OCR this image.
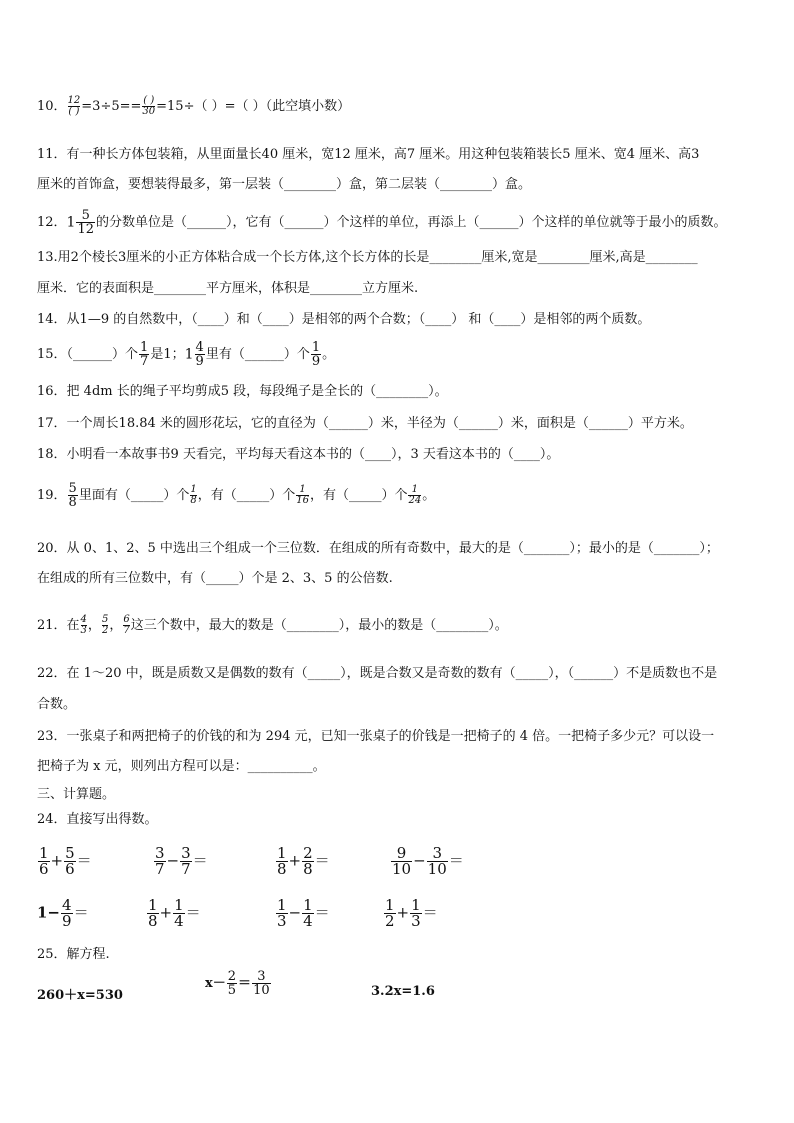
10． $\frac{12}{( )} =3\div 5== \frac{( )}{30} =15\div$（ ）=（ ）（此空填小数）
11．有一种长方体包装箱，从里面量长40 厘米，宽12 厘米，高7 厘米。用这种包装箱装长5 厘米、宽4 厘米、高3
厘米的首饰盒，要想装得最多，第一层装（________）盒，第二层装（________）盒。
12．$1 \frac{5}{12}$ 的分数单位是（______），它有（______）个这样的单位，再添上（______）个这样的单位就等于最小的质数。
13.用2个棱长3厘米的小正方体粘合成一个长方体,这个长方体的长是________厘米,宽是________厘米,高是________
厘米．它的表面积是________平方厘米，体积是________立方厘米.
14．从1—9 的自然数中，（____）和（____）是相邻的两个合数；（____） 和（____）是相邻的两个质数。
15．（______）个 $\frac{1}{7}$ 是1；$1 \frac{4}{9}$ 里有（______）个 $\frac{1}{9}$ 。
16．把 4dm 长的绳子平均剪成5 段，每段绳子是全长的（________）。
17．一个周长18.84 米的圆形花坛，它的直径为（______）米，半径为（______）米，面积是（______）平方米。
18．小明看一本故事书9 天看完，平均每天看这本书的（____），3 天看这本书的（____）。
19． $\frac{5}{8}$ 里面有（_____）个 $\frac{1}{8}$ ，有（_____）个 $\frac{1}{16}$ ，有（_____）个 $\frac{1}{24}$ 。
20．从 0、1、2、5 中选出三个组成一个三位数．在组成的所有奇数中，最大的是（_______）；最小的是（_______）；
在组成的所有三位数中，有（_____）个是 2、3、5 的公倍数.
21．在 $\frac{4}{3}$ ， $\frac{5}{2}$ ， $\frac{6}{7}$ 这三个数中，最大的数是（________），最小的数是（________）。
22．在 1～20 中，既是质数又是偶数的数有（_____），既是合数又是奇数的数有（_____），（______）不是质数也不是
合数。
23．一张桌子和两把椅子的价钱的和为 294 元，已知一张桌子的价钱是一把椅子的 4 倍。一把椅子多少元？可以设一
把椅子为 x 元，则列出方程可以是：__________。
三、计算题。
24．直接写出得数。
$\frac{1}{6} + \frac{5}{6}$ ＝	$\frac{3}{7} - \frac{3}{7}$ ＝	$\frac{1}{8} + \frac{2}{8}$ ＝	$\frac{9}{10} - \frac{3}{10}$ ＝
$1- \frac{4}{9}$ ＝	$\frac{1}{8} + \frac{1}{4}$ ＝	$\frac{1}{3} - \frac{1}{4}$ ＝	$\frac{1}{2} + \frac{1}{3}$ ＝
25．解方程.
260＋x=530
$x- \frac{2}{5} = \frac{3}{10}$	3.2x=1.6
